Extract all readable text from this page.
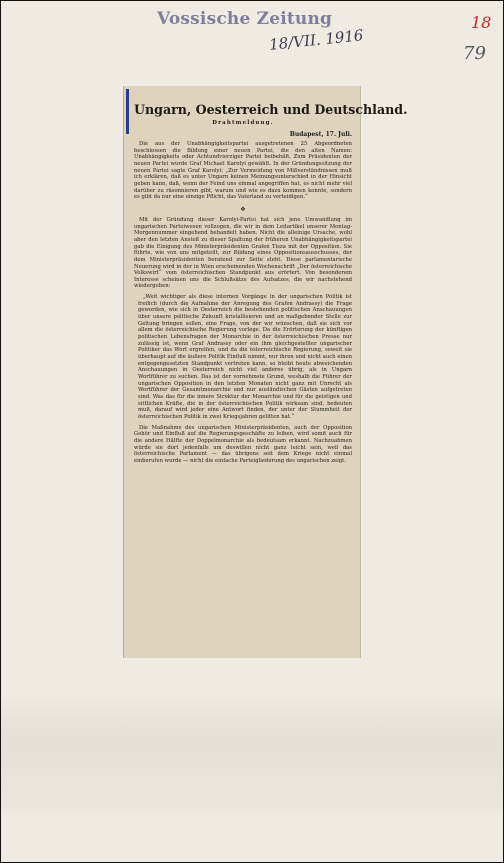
Vossische Zeitung
18/VII. 1916
18
79
Ungarn, Oesterreich und Deutschland.
Drahtmeldung.
Budapest, 17. Juli.

Die aus der Unabhängigkeitspartei ausgetretenen 25 Abgeordneten beschlossen die Bildung einer neuen Partei, die den alten Namen: Unabhängigkeits oder Achtundvierziger Partei beibehält. Zum Präsidenten der neuen Partei wurde Graf Michael Karolyi gewählt. In der Gründungssitzung der neuen Partei sagte Graf Karolyi: „Zur Vermeidung von Mißverständnissen muß ich erklären, daß es unter Ungarn keinen Meinungsunterschied in der Hinsicht geben kann, daß, wenn der Feind uns einmal angegriffen hat, es nicht mehr viel darüber zu räsonnieren gibt, warum und wie es dazu kommen konnte, sondern es gibt da nur eine einzige Pflicht, das Vaterland zu verteidigen.“

❖

Mit der Gründung dieser Karolyi-Partei hat sich jene Umwandlung im ungarischen Parteiwesen vollzogen, die wir in dem Leitartikel unserer Montag-Morgennummer eingehend behandelt haben. Nicht die alleinige Ursache, wohl aber den letzten Anstoß zu dieser Spaltung der früheren Unabhängigkeitspartei gab die Einigung des Ministerpräsidenten Grafen Tisza mit der Opposition. Sie führte, wie von uns mitgeteilt, zur Bildung eines Oppositionsausschusses, der dem Ministerpräsidenten beratend zur Seite steht. Diese parlamentarische Neuerung wird in der in Wien erscheinenden Wochenschrift „Der österreichische Volkswirt“ vom österreichischen Standpunkt aus erörtert. Von besonderem Interesse scheinen uns die Schlußsätze des Aufsatzes, die wir nachstehend wiedergeben:

„Weit wichtiger als diese internen Vorgänge in der ungarischen Politik ist freilich (durch die Aufnahme der Anregung des Grafen Andrassy) die Frage geworden, wie sich in Oesterreich die bestehenden politischen Anschauungen über unsere politische Zukunft kristallisieren und an maßgebender Stelle zur Geltung bringen sollen, eine Frage, von der wir wünschen, daß sie sich vor allem die österreichische Regierung vorlege. Da die Erörterung der künftigen politischen Lebensfragen der Monarchie in der österreichischen Presse nur zulässig ist, wenn Graf Andrassy oder ein ihm gleichgestellter ungarischer Politiker das Wort ergreifen, und da die österreichische Regierung, soweit sie überhaupt auf die äußere Politik Einfluß nimmt, nur ihren und nicht auch einen entgegengesetzten Standpunkt vertreten kann, so bleibt heute abweichenden Anschauungen in Oesterreich nicht viel anderes übrig, als in Ungarn Wortführer zu suchen. Das ist der vornehmste Grund, weshalb die Führer der ungarischen Opposition in den letzten Monaten nicht ganz mit Unrecht als Wortführer der Gesamtmonarchie und nur ausländischen Gästen aufgetreten sind. Was das für die innere Struktur der Monarchie und für die geistigen und sittlichen Kräfte, die in der österreichischen Politik wirksam sind, bedeuten muß, darauf wird jeder eine Antwort finden, der unter der Stummheit der österreichischen Politik in zwei Kriegsjahren gelitten hat.“

Die Maßnahme des ungarischen Ministerpräsidenten, auch der Opposition Gehör und Einfluß auf die Regierungsgeschäfte zu leihen, wird somit auch für die andere Hälfte der Doppelmonarchie als bedeutsam erkannt. Nachzuahmen würde sie dort jedenfalls um deswillen nicht ganz leicht sein, weil das österreichische Parlament — das übrigens seit dem Kriege nicht einmal einberufen wurde — nicht die einfache Parteigliederung des ungarischen zeigt.
